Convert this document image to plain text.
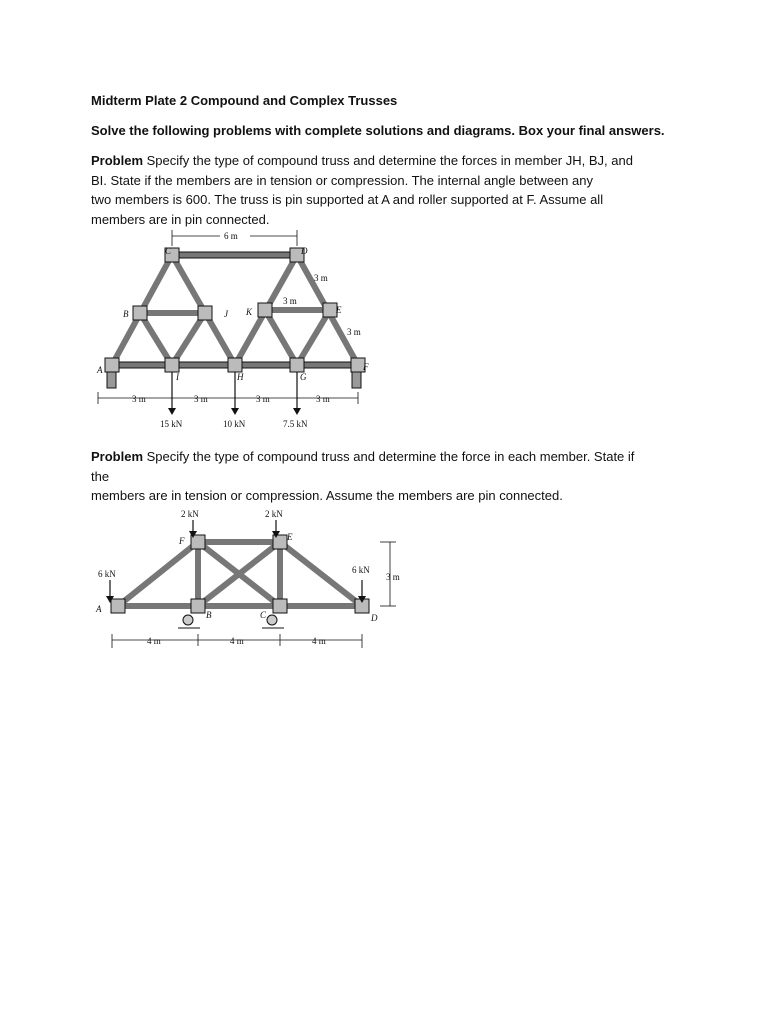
Midterm Plate 2 Compound and Complex Trusses
Solve the following problems with complete solutions and diagrams. Box your final answers.
Problem Specify the type of compound truss and determine the forces in member JH, BJ, and
BI. State if the members are in tension or compression. The internal angle between any
two members is 600. The truss is pin supported at A and roller supported at F. Assume all
members are in pin connected.
6 m
3 m
3 m
3 m
3 m	3 m	3 m	3 m
15 kN	10 kN	7.5 kN
A
B
C	D
E
F
G
H
I
J K
Problem Specify the type of compound truss and determine the force in each member. State if the
members are in tension or compression. Assume the members are pin connected.
2 kN	2 kN
6 kN	6 kN
4 m	4 m	4 m
3 m
A
B	C	D
E
F
